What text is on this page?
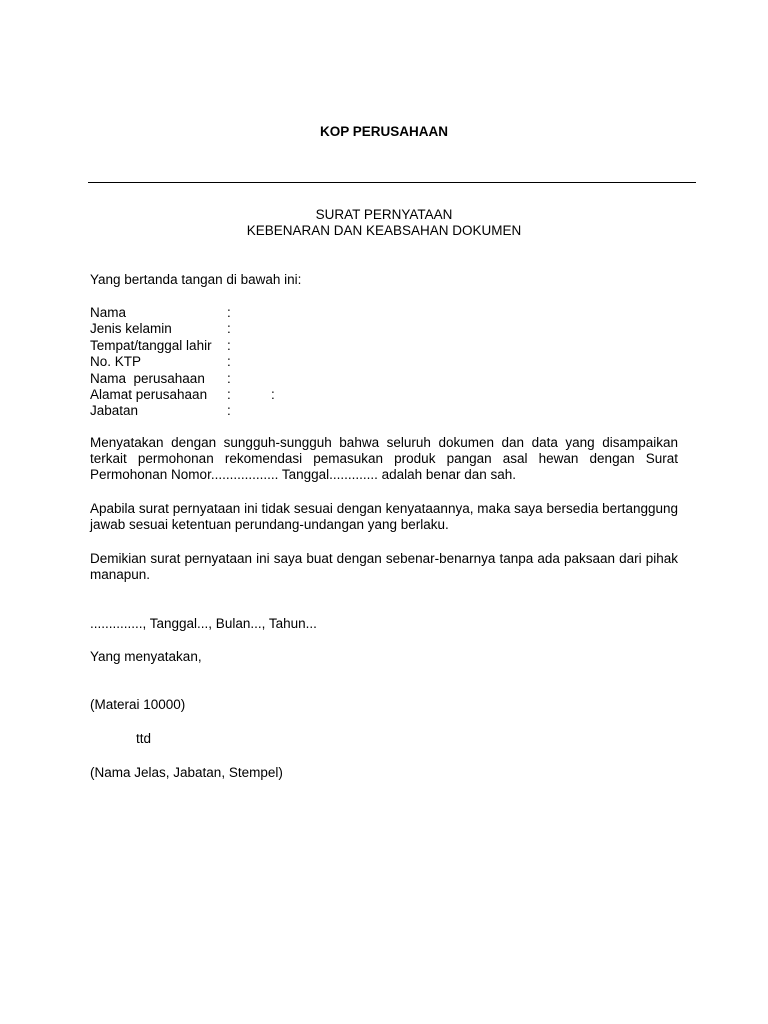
KOP PERUSAHAAN
SURAT PERNYATAAN
KEBENARAN DAN KEABSAHAN DOKUMEN
Yang bertanda tangan di bawah ini:
Nama	:
Jenis kelamin	:
Tempat/tanggal lahir :
No. KTP	:
Nama  perusahaan :
Alamat perusahaan :	:
Jabatan	:
Menyatakan dengan sungguh-sungguh bahwa seluruh dokumen dan data yang disampaikan terkait permohonan rekomendasi pemasukan produk pangan asal hewan dengan Surat Permohonan Nomor.................. Tanggal............. adalah benar dan sah.
Apabila surat pernyataan ini tidak sesuai dengan kenyataannya, maka saya bersedia bertanggung jawab sesuai ketentuan perundang-undangan yang berlaku.
Demikian surat pernyataan ini saya buat dengan sebenar-benarnya tanpa ada paksaan dari pihak manapun.
.............., Tanggal..., Bulan..., Tahun...
Yang menyatakan,
(Materai 10000)
ttd
(Nama Jelas, Jabatan, Stempel)
